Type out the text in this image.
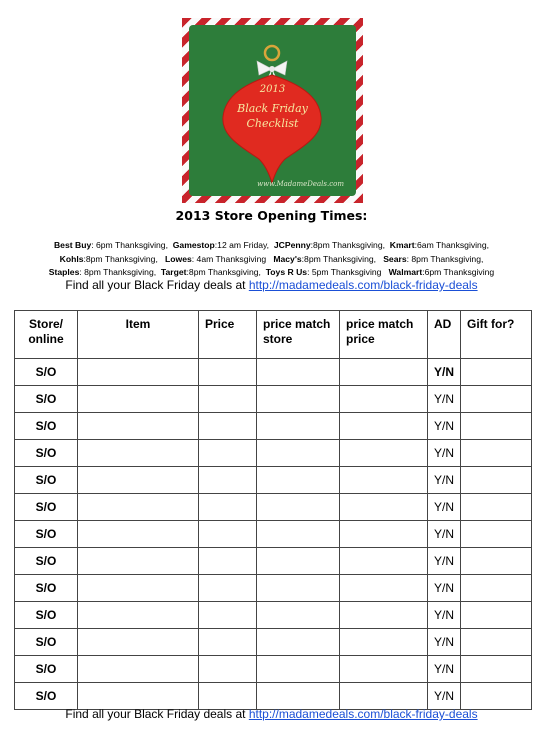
2013
Black Friday
Checklist
www.MadameDeals.com
2013 Store Opening Times:
Best Buy: 6pm Thanksgiving, Gamestop:12 am Friday, JCPenny:8pm Thanksgiving, Kmart:6am Thanksgiving,
Kohls:8pm Thanksgiving, Lowes: 4am Thanksgiving Macy's:8pm Thanksgiving, Sears: 8pm Thanksgiving,
Staples: 8pm Thanksgiving, Target:8pm Thanksgiving, Toys R Us: 5pm Thanksgiving Walmart:6pm Thanksgiving
Find all your Black Friday deals at http://madamedeals.com/black-friday-deals
Store/ online	Item	Price	price match store	price match price	AD	Gift for?
S/O					Y/N	
S/O					Y/N	
S/O					Y/N	
S/O					Y/N	
S/O					Y/N	
S/O					Y/N	
S/O					Y/N	
S/O					Y/N	
S/O					Y/N	
S/O					Y/N	
S/O					Y/N	
S/O					Y/N	
S/O					Y/N	
Find all your Black Friday deals at http://madamedeals.com/black-friday-deals
